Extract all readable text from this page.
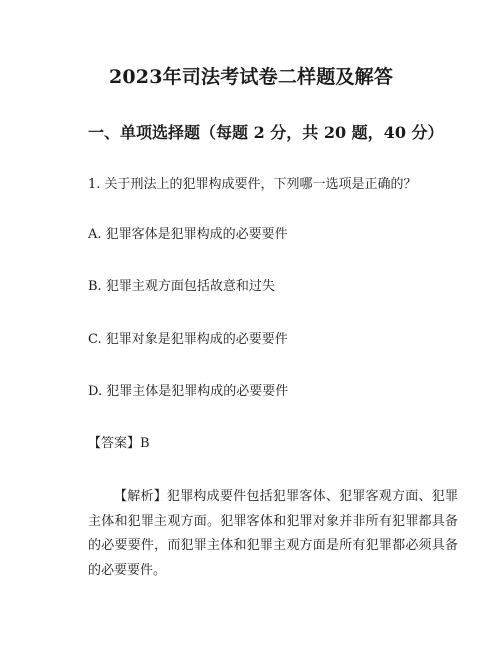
2023年司法考试卷二样题及解答
一、单项选择题（每题 2 分，共 20 题，40 分）
1. 关于刑法上的犯罪构成要件，下列哪一选项是正确的？
A. 犯罪客体是犯罪构成的必要要件
B. 犯罪主观方面包括故意和过失
C. 犯罪对象是犯罪构成的必要要件
D. 犯罪主体是犯罪构成的必要要件
【答案】B
【解析】犯罪构成要件包括犯罪客体、犯罪客观方面、犯罪主体和犯罪主观方面。犯罪客体和犯罪对象并非所有犯罪都具备的必要要件，而犯罪主体和犯罪主观方面是所有犯罪都必须具备的必要要件。
